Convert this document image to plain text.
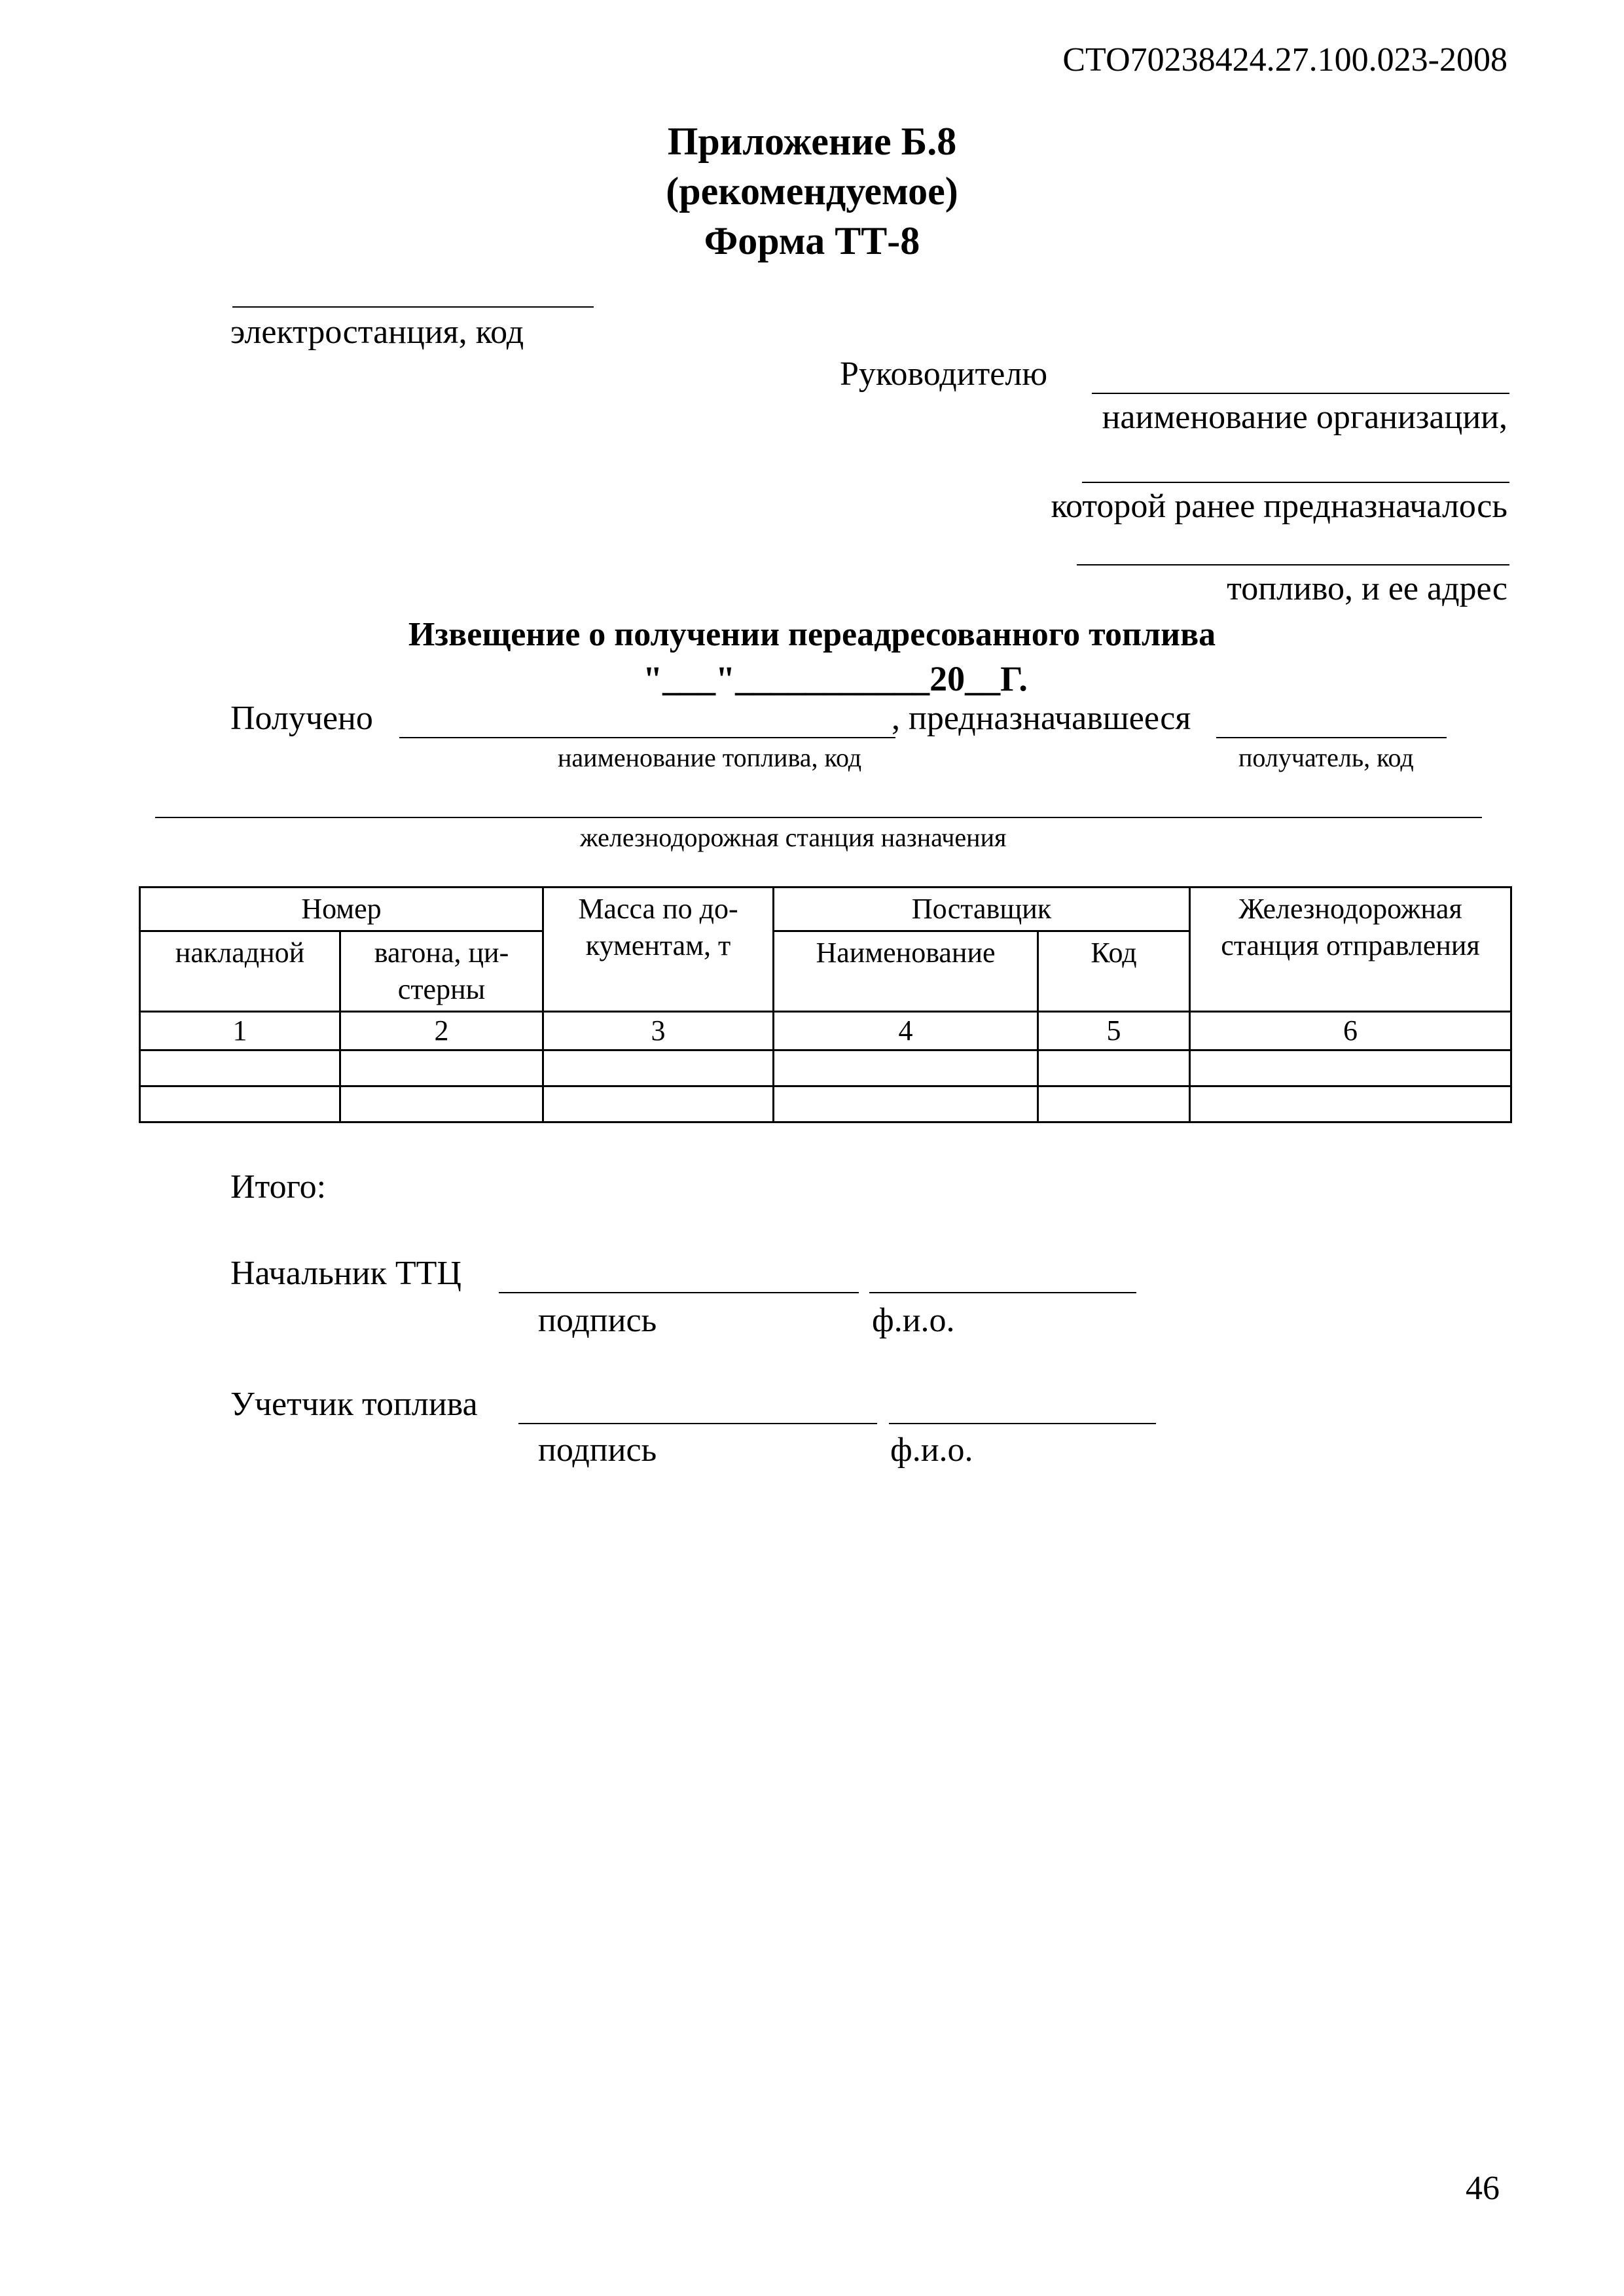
СТО70238424.27.100.023-2008
Приложение Б.8
(рекомендуемое)
Форма ТТ-8
электростанция, код
Руководителю
наименование организации,
которой ранее предназначалось
топливо, и ее адрес
Извещение о получении переадресованного топлива
"___"___________20__Г.
Получено	, предназначавшееся
наименование топлива, код	получатель, код
железнодорожная станция назначения
Номер		Масса по до-кументам, т	Поставщик		Железнодорожная станция отправления
накладной	вагона, ци-стерны		Наименование	Код	
1	2	3	4	5	6

Итого:
Начальник ТТЦ
подпись	ф.и.о.
Учетчик топлива
подпись	ф.и.о.
46
